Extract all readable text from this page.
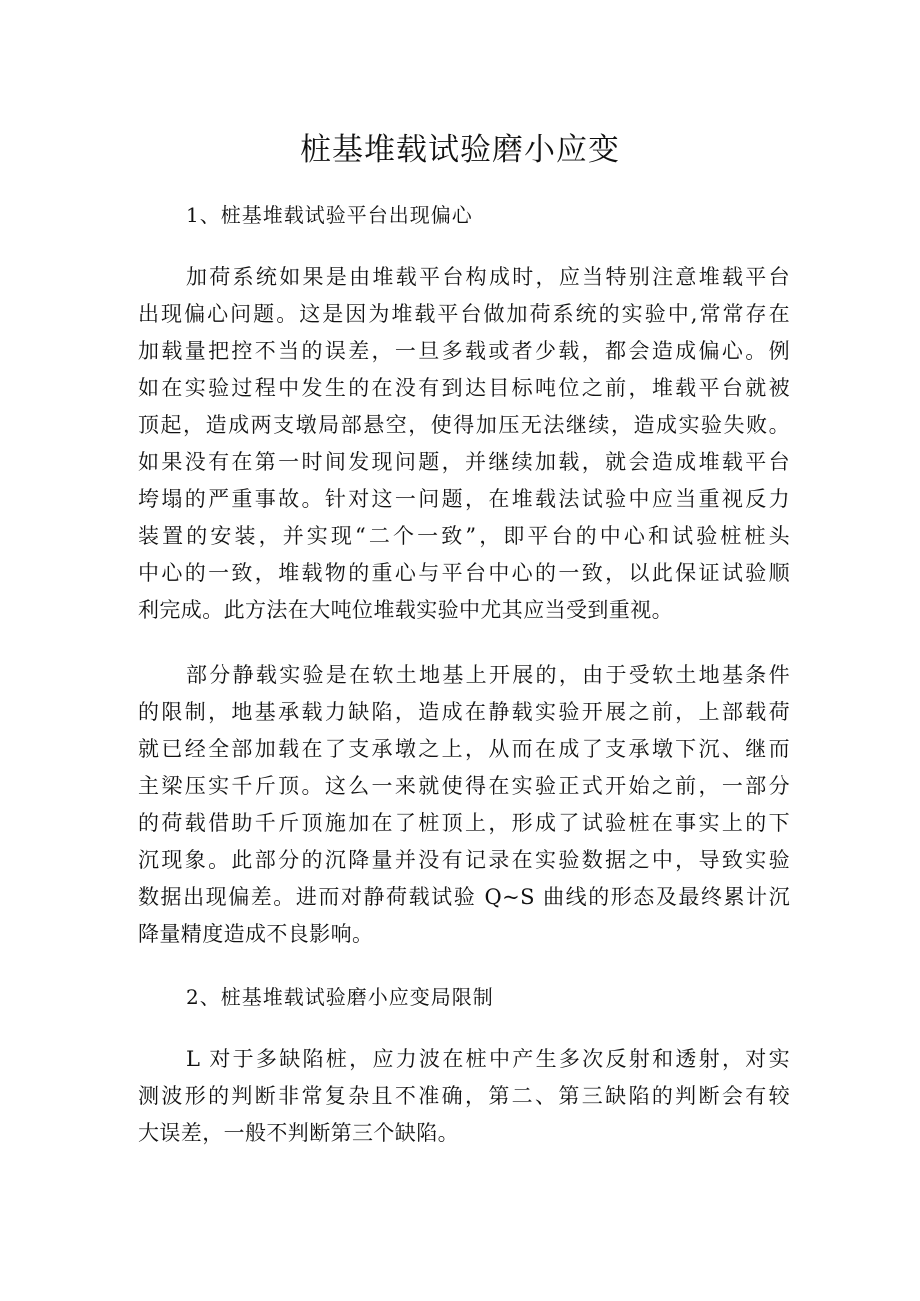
桩基堆载试验磨小应变
1、桩基堆载试验平台出现偏心
加荷系统如果是由堆载平台构成时，应当特别注意堆载平台
出现偏心问题。这是因为堆载平台做加荷系统的实验中,常常存在
加载量把控不当的误差，一旦多载或者少载，都会造成偏心。例
如在实验过程中发生的在没有到达目标吨位之前，堆载平台就被
顶起，造成两支墩局部悬空，使得加压无法继续，造成实验失败。
如果没有在第一时间发现问题，并继续加载，就会造成堆载平台
垮塌的严重事故。针对这一问题，在堆载法试验中应当重视反力
装置的安装，并实现“二个一致”，即平台的中心和试验桩桩头
中心的一致，堆载物的重心与平台中心的一致，以此保证试验顺
利完成。此方法在大吨位堆载实验中尤其应当受到重视。
部分静载实验是在软土地基上开展的，由于受软土地基条件
的限制，地基承载力缺陷，造成在静载实验开展之前，上部载荷
就已经全部加载在了支承墩之上，从而在成了支承墩下沉、继而
主梁压实千斤顶。这么一来就使得在实验正式开始之前，一部分
的荷载借助千斤顶施加在了桩顶上，形成了试验桩在事实上的下
沉现象。此部分的沉降量并没有记录在实验数据之中，导致实验
数据出现偏差。进而对静荷载试验 Q~S 曲线的形态及最终累计沉
降量精度造成不良影响。
2、桩基堆载试验磨小应变局限制
L 对于多缺陷桩，应力波在桩中产生多次反射和透射，对实
测波形的判断非常复杂且不准确，第二、第三缺陷的判断会有较
大误差，一般不判断第三个缺陷。
